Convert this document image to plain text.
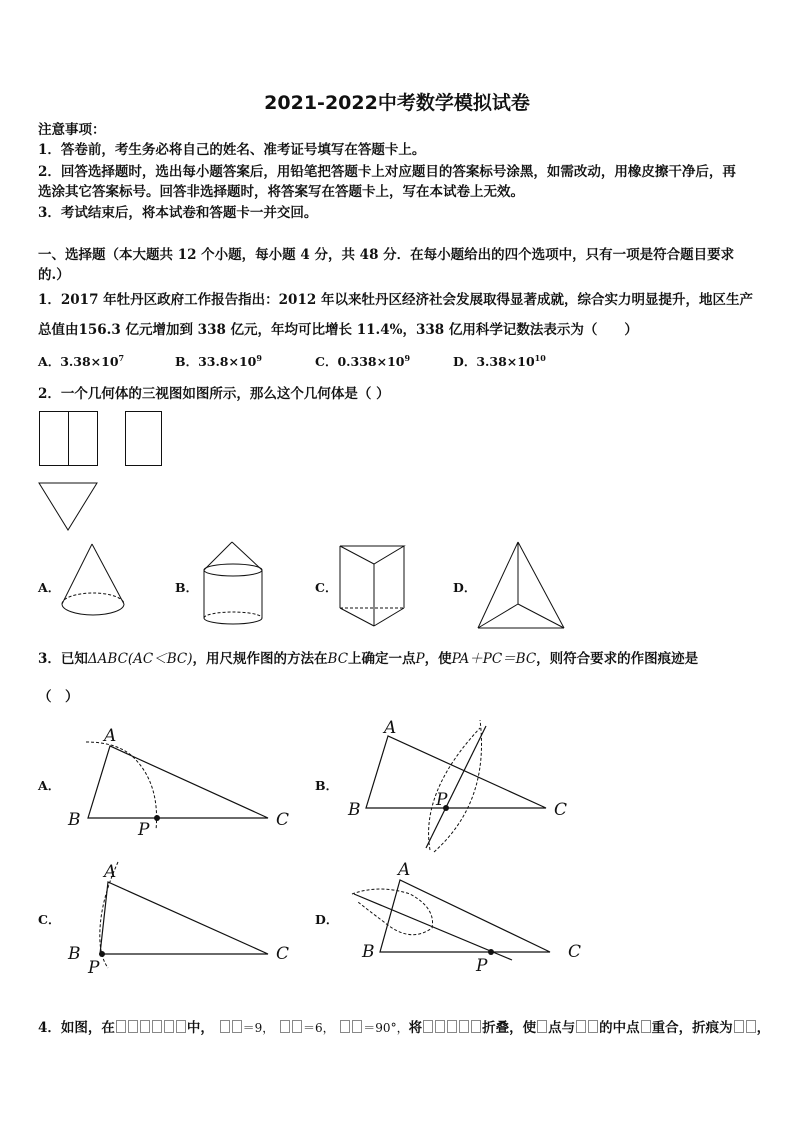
2021-2022中考数学模拟试卷
注意事项：
1．答卷前，考生务必将自己的姓名、准考证号填写在答题卡上。
2．回答选择题时，选出每小题答案后，用铅笔把答题卡上对应题目的答案标号涂黑，如需改动，用橡皮擦干净后，再
选涂其它答案标号。回答非选择题时，将答案写在答题卡上，写在本试卷上无效。
3．考试结束后，将本试卷和答题卡一并交回。
一、选择题（本大题共 12 个小题，每小题 4 分，共 48 分．在每小题给出的四个选项中，只有一项是符合题目要求
的.）
1．2017 年牡丹区政府工作报告指出：2012 年以来牡丹区经济社会发展取得显著成就，综合实力明显提升，地区生产
总值由156.3 亿元增加到 338 亿元，年均可比增长 11.4%，338 亿用科学记数法表示为（　　）
A．$3.38\times 10^7$	B．$33.8\times 10^9$	C．$0.338\times 10^9$	D．$3.38\times 10^{10}$
2．一个几何体的三视图如图所示，那么这个几何体是（ ）
A．	B．	C．	D．
3．已知ΔABC(AC＜BC)，用尺规作图的方法在BC上确定一点P，使PA＋PC＝BC，则符合要求的作图痕迹是
（　）
A．
A
B	C
P
B．
A
B	C
P
C．
A
B	C
P
D．
A
B	C
P
4．如图，在	中， ＝9， ＝6， ＝90°，将	折叠，使 点与 的中点 重合，折痕为 ，
